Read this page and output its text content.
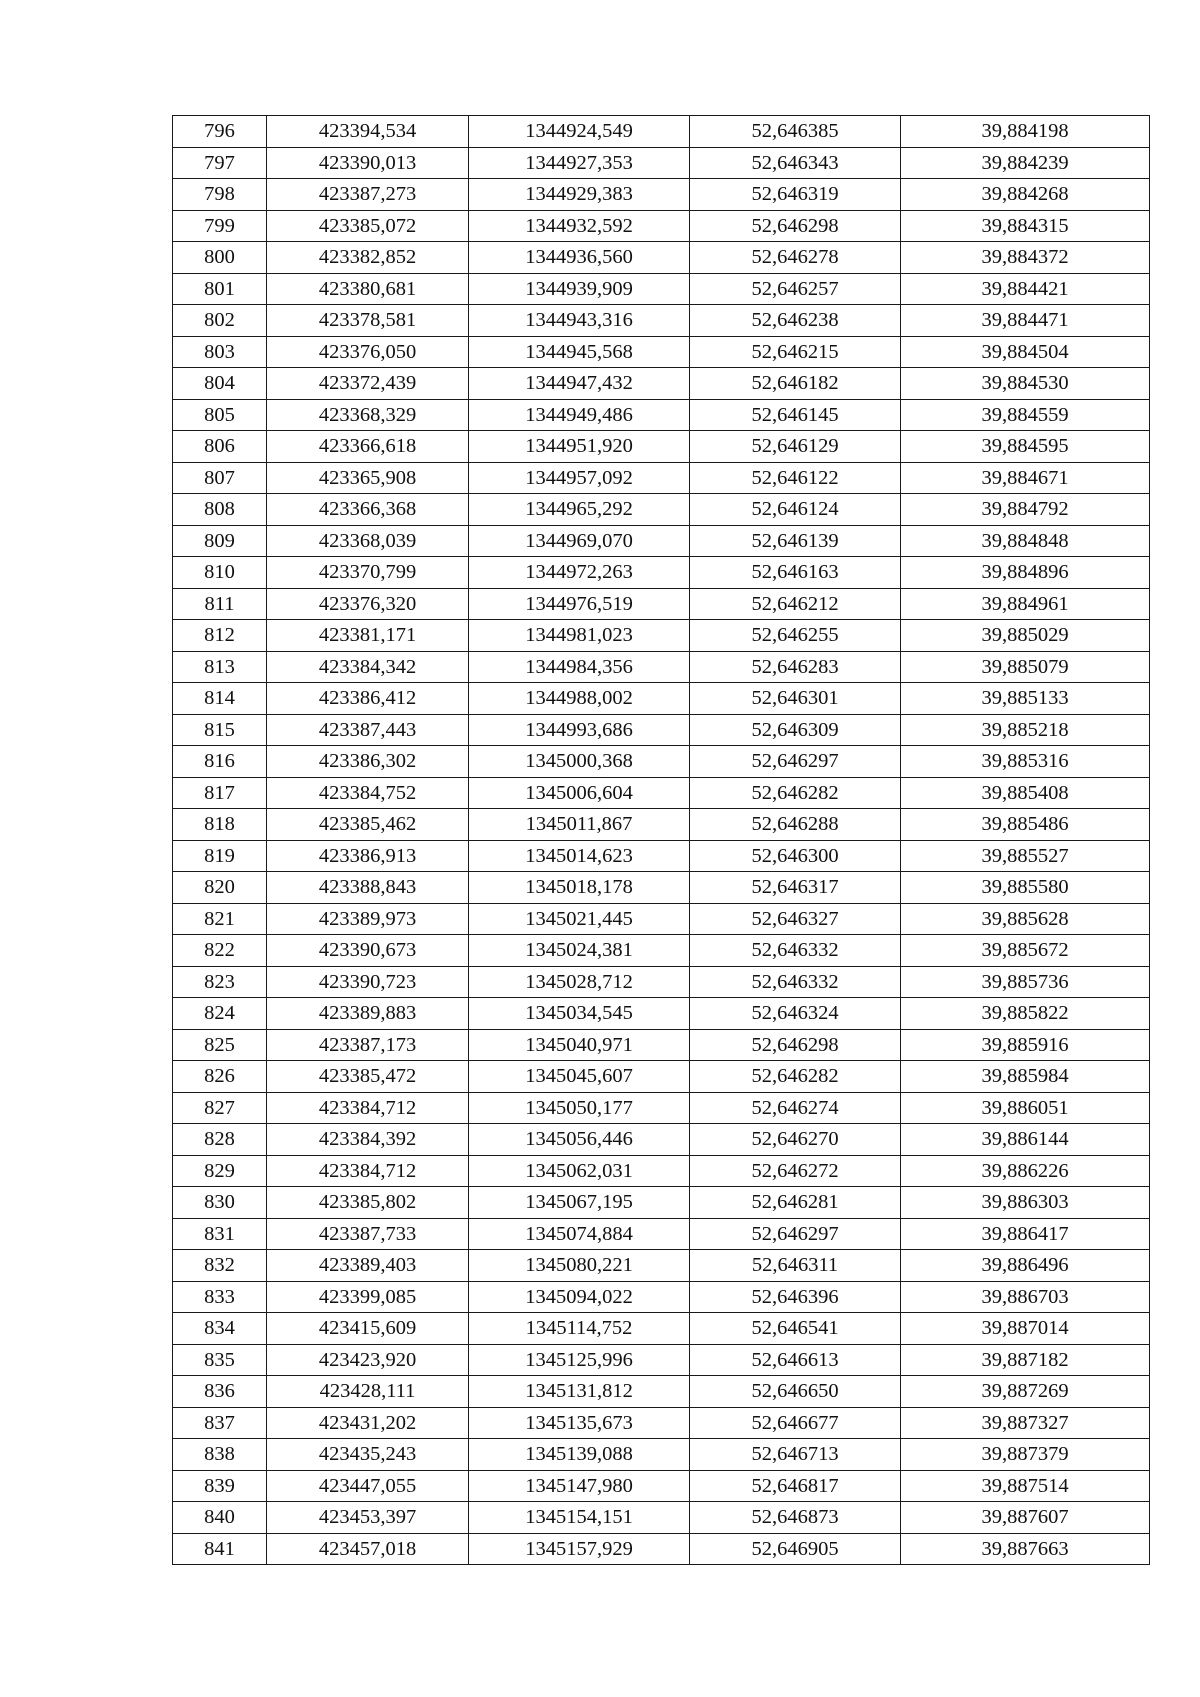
796	423394,534	1344924,549	52,646385	39,884198
797	423390,013	1344927,353	52,646343	39,884239
798	423387,273	1344929,383	52,646319	39,884268
799	423385,072	1344932,592	52,646298	39,884315
800	423382,852	1344936,560	52,646278	39,884372
801	423380,681	1344939,909	52,646257	39,884421
802	423378,581	1344943,316	52,646238	39,884471
803	423376,050	1344945,568	52,646215	39,884504
804	423372,439	1344947,432	52,646182	39,884530
805	423368,329	1344949,486	52,646145	39,884559
806	423366,618	1344951,920	52,646129	39,884595
807	423365,908	1344957,092	52,646122	39,884671
808	423366,368	1344965,292	52,646124	39,884792
809	423368,039	1344969,070	52,646139	39,884848
810	423370,799	1344972,263	52,646163	39,884896
811	423376,320	1344976,519	52,646212	39,884961
812	423381,171	1344981,023	52,646255	39,885029
813	423384,342	1344984,356	52,646283	39,885079
814	423386,412	1344988,002	52,646301	39,885133
815	423387,443	1344993,686	52,646309	39,885218
816	423386,302	1345000,368	52,646297	39,885316
817	423384,752	1345006,604	52,646282	39,885408
818	423385,462	1345011,867	52,646288	39,885486
819	423386,913	1345014,623	52,646300	39,885527
820	423388,843	1345018,178	52,646317	39,885580
821	423389,973	1345021,445	52,646327	39,885628
822	423390,673	1345024,381	52,646332	39,885672
823	423390,723	1345028,712	52,646332	39,885736
824	423389,883	1345034,545	52,646324	39,885822
825	423387,173	1345040,971	52,646298	39,885916
826	423385,472	1345045,607	52,646282	39,885984
827	423384,712	1345050,177	52,646274	39,886051
828	423384,392	1345056,446	52,646270	39,886144
829	423384,712	1345062,031	52,646272	39,886226
830	423385,802	1345067,195	52,646281	39,886303
831	423387,733	1345074,884	52,646297	39,886417
832	423389,403	1345080,221	52,646311	39,886496
833	423399,085	1345094,022	52,646396	39,886703
834	423415,609	1345114,752	52,646541	39,887014
835	423423,920	1345125,996	52,646613	39,887182
836	423428,111	1345131,812	52,646650	39,887269
837	423431,202	1345135,673	52,646677	39,887327
838	423435,243	1345139,088	52,646713	39,887379
839	423447,055	1345147,980	52,646817	39,887514
840	423453,397	1345154,151	52,646873	39,887607
841	423457,018	1345157,929	52,646905	39,887663
